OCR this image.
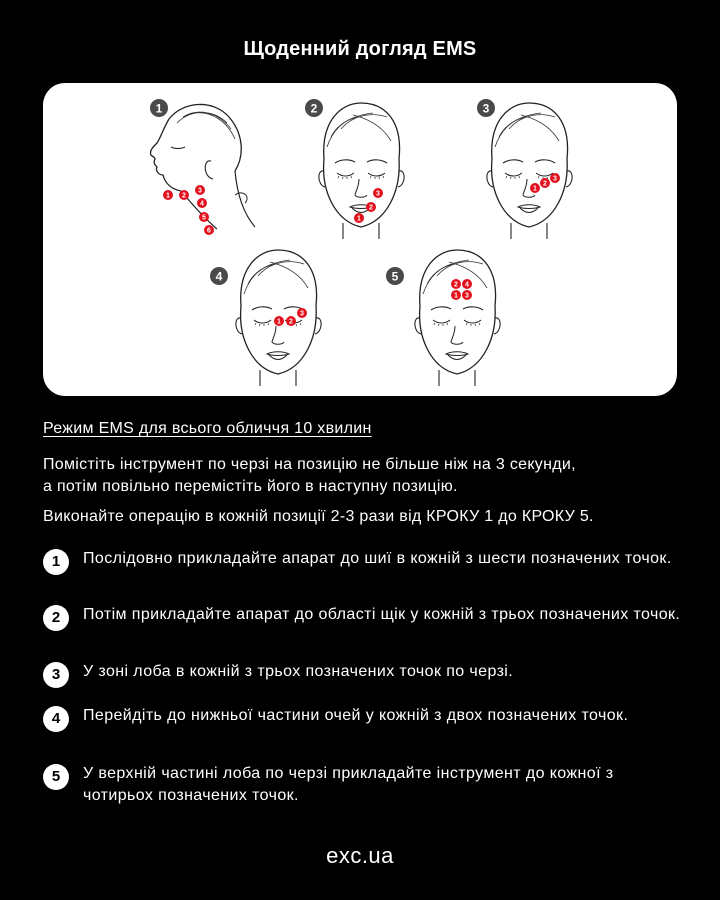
Щоденний догляд EMS
1	2	3
4	5
1 2
3
4
5
6
1
2
3
1
2
3
1 2
3
1
2
3
4
Режим EMS для всього обличчя 10 хвилин

Помістіть інструмент по черзі на позицію не більше ніж на 3 секунди,
а потім повільно перемістіть його в наступну позицію.

Виконайте операцію в кожній позиції 2-3 рази від КРОКУ 1 до КРОКУ 5.

1	Послідовно прикладайте апарат до шиї в кожній з шести позначених точок.
2	Потім прикладайте апарат до області щік у кожній з трьох позначених точок.
3	У зоні лоба в кожній з трьох позначених точок по черзі.
4	Перейдіть до нижньої частини очей у кожній з двох позначених точок.
5	У верхній частині лоба по черзі прикладайте інструмент до кожної з чотирьох позначених точок.
exc.ua
